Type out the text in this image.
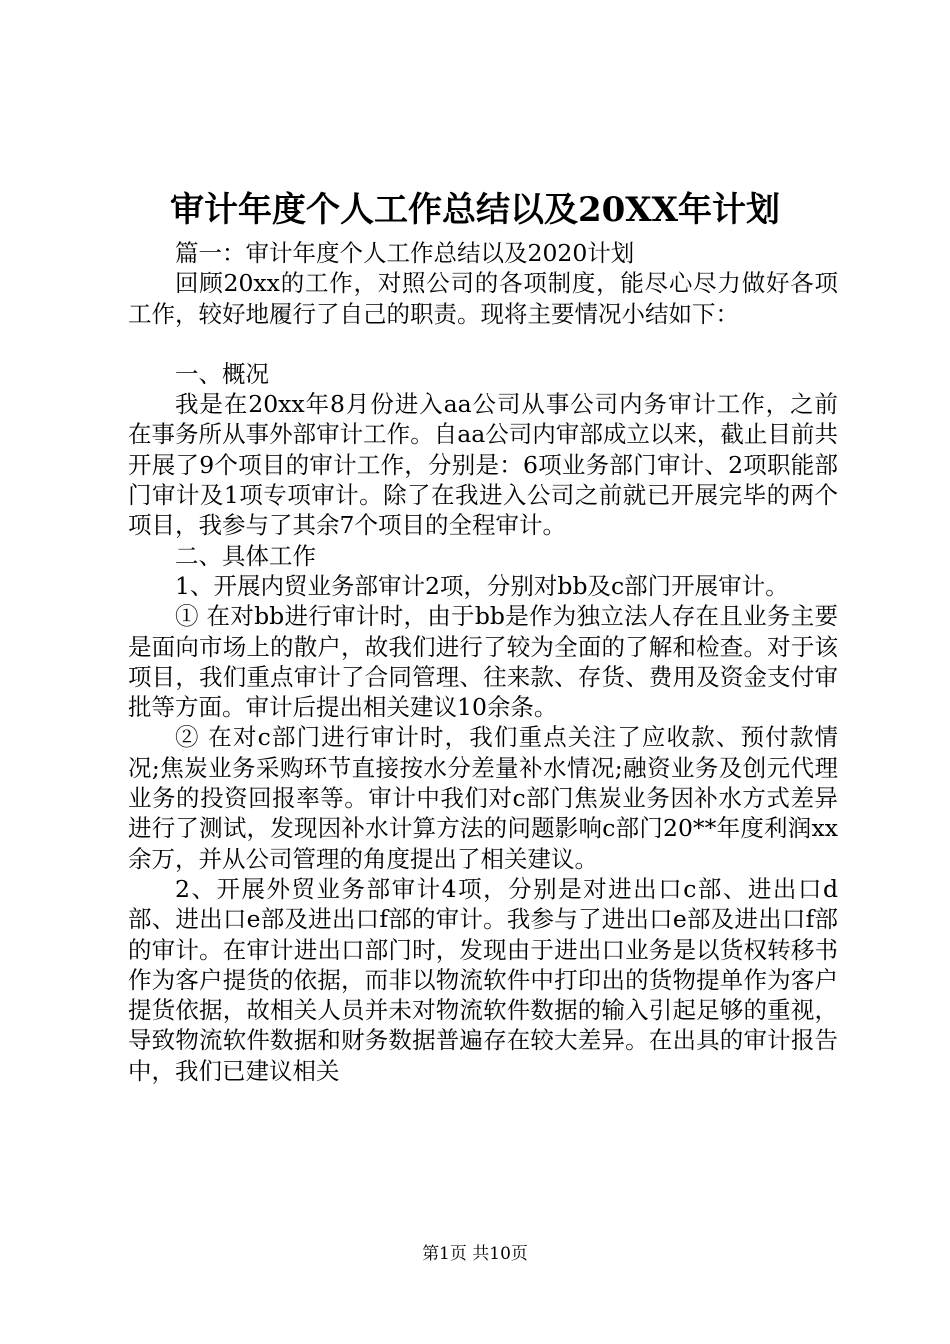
审计年度个人工作总结以及20XX年计划

篇一：审计年度个人工作总结以及2020计划

回顾20xx的工作，对照公司的各项制度，能尽心尽力做好各项工作，较好地履行了自己的职责。现将主要情况小结如下：

一、概况

我是在20xx年8月份进入aa公司从事公司内务审计工作，之前在事务所从事外部审计工作。自aa公司内审部成立以来，截止目前共开展了9个项目的审计工作，分别是：6项业务部门审计、2项职能部门审计及1项专项审计。除了在我进入公司之前就已开展完毕的两个项目，我参与了其余7个项目的全程审计。

二、具体工作

1、开展内贸业务部审计2项，分别对bb及c部门开展审计。

① 在对bb进行审计时，由于bb是作为独立法人存在且业务主要是面向市场上的散户，故我们进行了较为全面的了解和检查。对于该项目，我们重点审计了合同管理、往来款、存货、费用及资金支付审批等方面。审计后提出相关建议10余条。

② 在对c部门进行审计时，我们重点关注了应收款、预付款情况;焦炭业务采购环节直接按水分差量补水情况;融资业务及创元代理业务的投资回报率等。审计中我们对c部门焦炭业务因补水方式差异进行了测试，发现因补水计算方法的问题影响c部门20**年度利润xx余万，并从公司管理的角度提出了相关建议。

2、开展外贸业务部审计4项，分别是对进出口c部、进出口d部、进出口e部及进出口f部的审计。我参与了进出口e部及进出口f部的审计。在审计进出口部门时，发现由于进出口业务是以货权转移书作为客户提货的依据，而非以物流软件中打印出的货物提单作为客户提货依据，故相关人员并未对物流软件数据的输入引起足够的重视，导致物流软件数据和财务数据普遍存在较大差异。在出具的审计报告中，我们已建议相关

第1页 共10页
